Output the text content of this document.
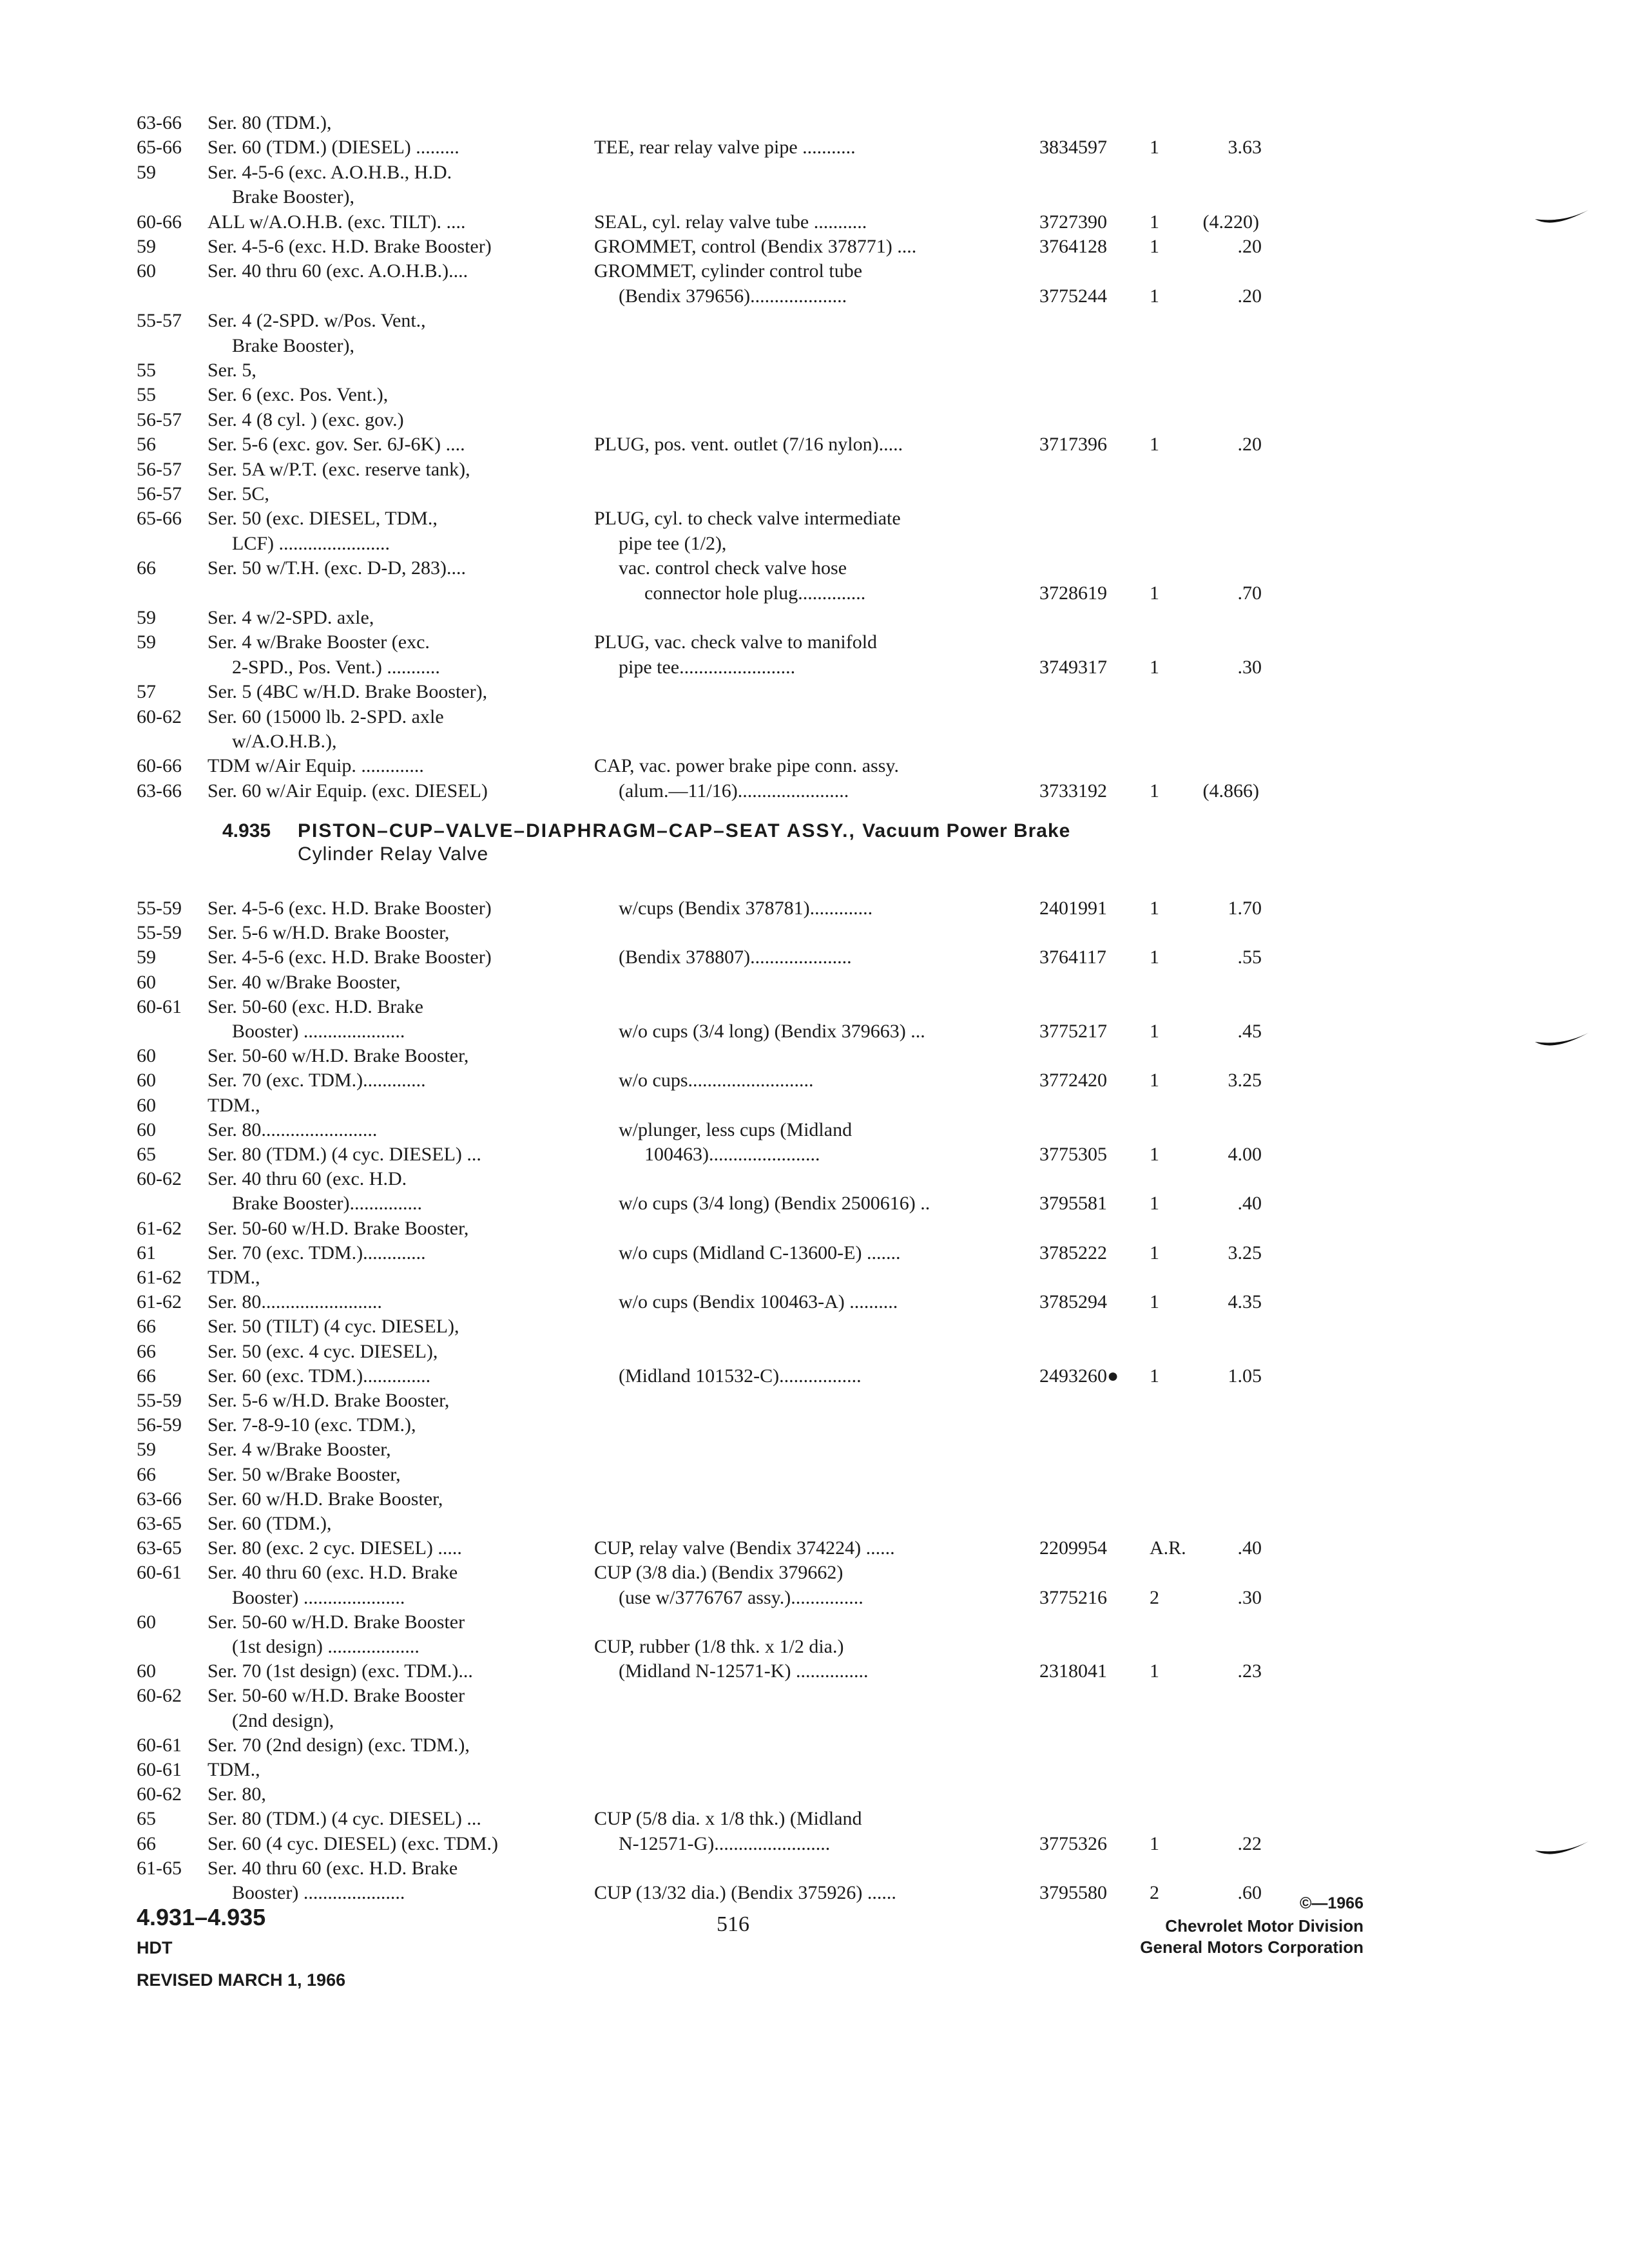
63-66 Ser. 80 (TDM.),
65-66 Ser. 60 (TDM.) (DIESEL) .........	TEE, rear relay valve pipe ...........	3834597 1	3.63
59	Ser. 4-5-6 (exc. A.O.H.B., H.D.
Brake Booster),
60-66 ALL w/A.O.H.B. (exc. TILT). ....	SEAL, cyl. relay valve tube ...........	3727390 1 (4.220)
59	Ser. 4-5-6 (exc. H.D. Brake Booster)	GROMMET, control (Bendix 378771) ....	3764128 1	.20
60	Ser. 40 thru 60 (exc. A.O.H.B.)....	GROMMET, cylinder control tube
(Bendix 379656)....................	3775244 1	.20
55-57 Ser. 4 (2-SPD. w/Pos. Vent.,
Brake Booster),
55	Ser. 5,
55	Ser. 6 (exc. Pos. Vent.),
56-57 Ser. 4 (8 cyl. ) (exc. gov.)
56	Ser. 5-6 (exc. gov. Ser. 6J-6K) ....	PLUG, pos. vent. outlet (7/16 nylon).....	3717396 1	.20
56-57 Ser. 5A w/P.T. (exc. reserve tank),
56-57 Ser. 5C,
65-66 Ser. 50 (exc. DIESEL, TDM.,	PLUG, cyl. to check valve intermediate
LCF) .......................	pipe tee (1/2),
66	Ser. 50 w/T.H. (exc. D-D, 283)....	vac. control check valve hose
connector hole plug..............	3728619 1	.70
59	Ser. 4 w/2-SPD. axle,
59	Ser. 4 w/Brake Booster (exc.	PLUG, vac. check valve to manifold
2-SPD., Pos. Vent.) ...........	pipe tee........................	3749317 1	.30
57	Ser. 5 (4BC w/H.D. Brake Booster),
60-62 Ser. 60 (15000 lb. 2-SPD. axle
w/A.O.H.B.),
60-66 TDM w/Air Equip. .............	CAP, vac. power brake pipe conn. assy.
63-66 Ser. 60 w/Air Equip. (exc. DIESEL)	(alum.—11/16).......................	3733192 1 (4.866)
4.935 PISTON–CUP–VALVE–DIAPHRAGM–CAP–SEAT ASSY., Vacuum Power Brake
Cylinder Relay Valve
55-59 Ser. 4-5-6 (exc. H.D. Brake Booster)	w/cups (Bendix 378781).............	2401991 1	1.70
55-59 Ser. 5-6 w/H.D. Brake Booster,
59	Ser. 4-5-6 (exc. H.D. Brake Booster)	(Bendix 378807).....................	3764117 1	.55
60	Ser. 40 w/Brake Booster,
60-61 Ser. 50-60 (exc. H.D. Brake
Booster) .....................	w/o cups (3/4 long) (Bendix 379663) ...	3775217 1	.45
60	Ser. 50-60 w/H.D. Brake Booster,
60	Ser. 70 (exc. TDM.).............	w/o cups..........................	3772420 1	3.25
60	TDM.,
60	Ser. 80........................	w/plunger, less cups (Midland
65	Ser. 80 (TDM.) (4 cyc. DIESEL) ...	100463).......................	3775305 1	4.00
60-62 Ser. 40 thru 60 (exc. H.D.
Brake Booster)...............	w/o cups (3/4 long) (Bendix 2500616) ..	3795581 1	.40
61-62 Ser. 50-60 w/H.D. Brake Booster,
61	Ser. 70 (exc. TDM.).............	w/o cups (Midland C-13600-E) .......	3785222 1	3.25
61-62 TDM.,
61-62 Ser. 80.........................	w/o cups (Bendix 100463-A) ..........	3785294 1	4.35
66	Ser. 50 (TILT) (4 cyc. DIESEL),
66	Ser. 50 (exc. 4 cyc. DIESEL),
66	Ser. 60 (exc. TDM.)..............	(Midland 101532-C).................	2493260● 1	1.05
55-59 Ser. 5-6 w/H.D. Brake Booster,
56-59 Ser. 7-8-9-10 (exc. TDM.),
59	Ser. 4 w/Brake Booster,
66	Ser. 50 w/Brake Booster,
63-66 Ser. 60 w/H.D. Brake Booster,
63-65 Ser. 60 (TDM.),
63-65 Ser. 80 (exc. 2 cyc. DIESEL) .....	CUP, relay valve (Bendix 374224) ......	2209954 A.R.	.40
60-61 Ser. 40 thru 60 (exc. H.D. Brake	CUP (3/8 dia.) (Bendix 379662)
Booster) .....................	(use w/3776767 assy.)...............	3775216 2	.30
60	Ser. 50-60 w/H.D. Brake Booster
(1st design) ...................	CUP, rubber (1/8 thk. x 1/2 dia.)
60	Ser. 70 (1st design) (exc. TDM.)...	(Midland N-12571-K) ...............	2318041 1	.23
60-62 Ser. 50-60 w/H.D. Brake Booster
(2nd design),
60-61 Ser. 70 (2nd design) (exc. TDM.),
60-61 TDM.,
60-62 Ser. 80,
65	Ser. 80 (TDM.) (4 cyc. DIESEL) ...	CUP (5/8 dia. x 1/8 thk.) (Midland
66	Ser. 60 (4 cyc. DIESEL) (exc. TDM.)	N-12571-G)........................	3775326 1	.22
61-65 Ser. 40 thru 60 (exc. H.D. Brake
Booster) .....................	CUP (13/32 dia.) (Bendix 375926) ......	3795580 2	.60
4.931–4.935
HDT
REVISED MARCH 1, 1966
516
©—1966
Chevrolet Motor Division
General Motors Corporation
